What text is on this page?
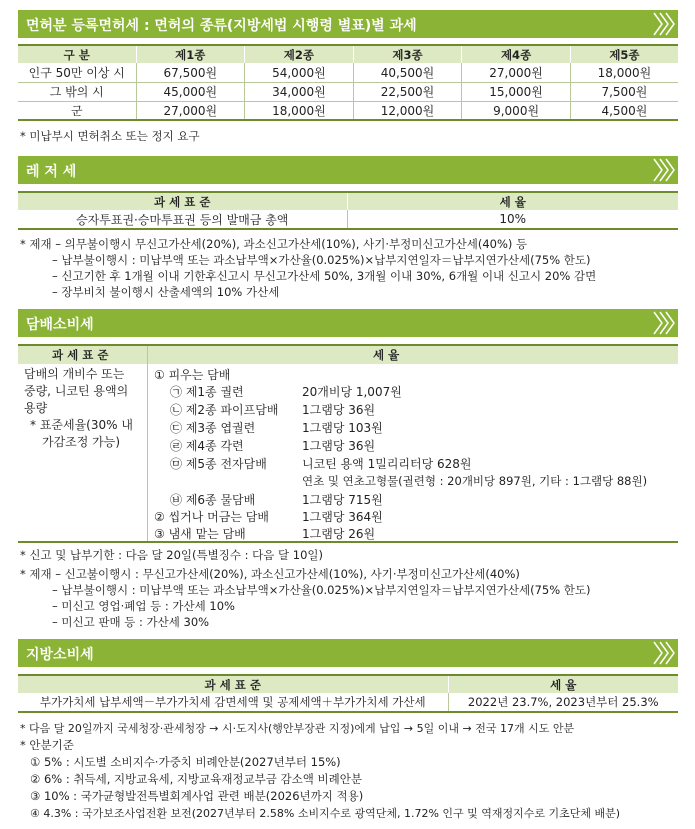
면허분 등록면허세 : 면허의 종류(지방세법 시행령 별표)별 과세
구 분	제1종	제2종	제3종	제4종	제5종
인구 50만 이상 시	67,500원	54,000원	40,500원	27,000원	18,000원
그 밖의 시	45,000원	34,000원	22,500원	15,000원	7,500원
군	27,000원	18,000원	12,000원	9,000원	4,500원
* 미납부시 면허취소 또는 정지 요구
레 저 세
과 세 표 준	세 율
승자투표권·승마투표권 등의 발매금 총액	10%
* 제재 – 의무불이행시 무신고가산세(20%), 과소신고가산세(10%), 사기·부정미신고가산세(40%) 등
– 납부불이행시 : 미납부액 또는 과소납부액×가산율(0.025%)×납부지연일자＝납부지연가산세(75% 한도)
– 신고기한 후 1개월 이내 기한후신고시 무신고가산세 50%, 3개월 이내 30%, 6개월 이내 신고시 20% 감면
– 장부비치 불이행시 산출세액의 10% 가산세
담배소비세
과 세 표 준	세 율
담배의 개비수 또는
중량, 니코틴 용액의
용량
* 표준세율(30% 내
가감조정 가능)
① 피우는 담배
㉠ 제1종 궐련	20개비당 1,007원
㉡ 제2종 파이프담배 1그램당 36원
㉢ 제3종 엽궐련	1그램당 103원
㉣ 제4종 각련	1그램당 36원
㉤ 제5종 전자담배	니코틴 용액 1밀리리터당 628원
연초 및 연초고형물(궐련형 : 20개비당 897원, 기타 : 1그램당 88원)
㉥ 제6종 물담배	1그램당 715원
② 씹거나 머금는 담배	1그램당 364원
③ 냄새 맡는 담배	1그램당 26원
* 신고 및 납부기한 : 다음 달 20일(특별징수 : 다음 달 10일)
* 제재 – 신고불이행시 : 무신고가산세(20%), 과소신고가산세(10%), 사기·부정미신고가산세(40%)
– 납부불이행시 : 미납부액 또는 과소납부액×가산율(0.025%)×납부지연일자＝납부지연가산세(75% 한도)
– 미신고 영업·폐업 등 : 가산세 10%
– 미신고 판매 등 : 가산세 30%
지방소비세
과 세 표 준	세 율
부가가치세 납부세액－부가가치세 감면세액 및 공제세액＋부가가치세 가산세	2022년 23.7%, 2023년부터 25.3%
* 다음 달 20일까지 국세청장·관세청장 → 시·도지사(행안부장관 지정)에게 납입 → 5일 이내 → 전국 17개 시도 안분
* 안분기준
① 5% : 시도별 소비지수·가중치 비례안분(2027년부터 15%)
② 6% : 취득세, 지방교육세, 지방교육재정교부금 감소액 비례안분
③ 10% : 국가균형발전특별회계사업 관련 배분(2026년까지 적용)
④ 4.3% : 국가보조사업전환 보전(2027년부터 2.58% 소비지수로 광역단체, 1.72% 인구 및 역재정지수로 기초단체 배분)
